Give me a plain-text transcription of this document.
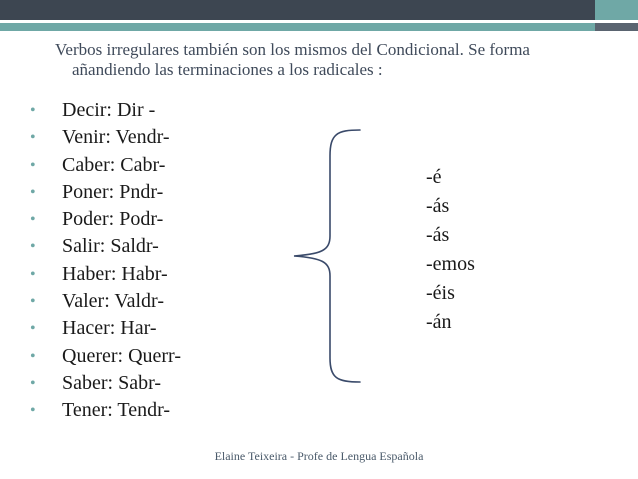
Verbos irregulares también son los mismos del Condicional. Se forma
añandiendo las terminaciones a los radicales :
• Decir: Dir -
• Venir: Vendr-
• Caber: Cabr-
• Poner: Pndr-
• Poder: Podr-
• Salir: Saldr-
• Haber: Habr-
• Valer: Valdr-
• Hacer: Har-
• Querer: Querr-
• Saber: Sabr-
• Tener: Tendr-
-é
-ás
-ás
-emos
-éis
-án
Elaine Teixeira - Profe de Lengua Española
